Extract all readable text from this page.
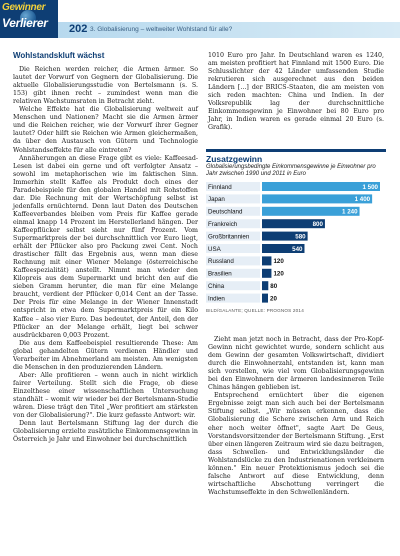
Gewinner
Verlierer 202 3. Globalisierung – weltweiter Wohlstand für alle?

Wohlstandskluft wächst

Die Reichen werden reicher, die Armen ärmer. So lautet der Vorwurf von Gegnern der Globalisierung. Die aktuelle Globalisierungsstudie von Bertelsmann (s. S. 153) gibt ihnen recht – zumindest wenn man die relativen Wachstumsraten in Betracht zieht.

Welche Effekte hat die Globalisierung weltweit auf Menschen und Nationen? Macht sie die Armen ärmer und die Reichen reicher, wie der Vorwurf ihrer Gegner lautet? Oder hilft sie Reichen wie Armen gleichermaßen, da über den Austausch von Gütern und Technologie Wohlstandseffekte für alle eintreten?

Annäherungen an diese Frage gibt es viele: Kaffeesad-Lesen ist dabei ein gerne und oft verfolgter Ansatz – sowohl im metaphorischen wie im faktischen Sinn. Immerhin stellt Kaffee als Produkt doch eines der Paradebeispiele für den globalen Handel mit Rohstoffen dar. Die Rechnung mit der Wertschöpfung selbst ist jedenfalls ernüchternd. Denn laut Daten des Deutschen Kaffeeverbandes bleiben vom Preis für Kaffee gerade einmal knapp 14 Prozent im Herstellerland hängen. Der Kaffeepflücker selbst sieht nur fünf Prozent. Vom Supermarktpreis der bei durchschnittlich vor Euro liegt, erhält der Pflücker also pro Packung zwei Cent. Noch drastischer fällt das Ergebnis aus, wenn man diese Rechnung mit einer Wiener Melange (österreichische Kaffeespezialität) anstellt. Nimmt man wieder den Kilopreis aus dem Supermarkt und bricht den auf die sieben Gramm herunter, die man für eine Melange braucht, verdient der Pflücker 0,014 Cent an der Tasse. Der Preis für eine Melange in der Wiener Innenstadt entspricht in etwa dem Supermarktpreis für ein Kilo Kaffee – also vier Euro. Das bedeutet, der Anteil, den der Pflücker an der Melange erhält, liegt bei schwer ausdrückbaren 0,003 Prozent.

Die aus dem Kaffeebeispiel resultierende These: Am global gehandelten Gütern verdienen Händler und Verarbeiter im Abnehmerland am meisten. Am wenigsten die Menschen in den produzierenden Ländern.

Aber: Alle profitieren – wenn auch in nicht wirklich fairer Verteilung. Stellt sich die Frage, ob diese Einzelthese einer wissenschaftlichen Untersuchung standhält – womit wir wieder bei der Bertelsmann-Studie wären. Diese trägt den Titel „Wer profitiert am stärksten von der Globalisierung?". Die kurz gefasste Antwort: wir.

Denn laut Bertelsmann Stiftung lag der durch die Globalisierung erzielte zusätzliche Einkommensgewinn in Österreich je Jahr und Einwohner bei durchschnittlich

1010 Euro pro Jahr. In Deutschland waren es 1240, am meisten profitiert hat Finnland mit 1500 Euro. Die Schlusslichter der 42 Länder umfassenden Studie rekrutieren sich ausgerechnet aus den beiden Ländern [...] der BRICS-Staaten, die am meisten von sich reden machten: China und Indien. In der Volksrepublik lag der durchschnittliche Einkommensgewinn je Einwohner bei 80 Euro pro Jahr, in Indien waren es gerade einmal 20 Euro (s. Grafik).

Zusatzgewinn
Globalisierungsbedingte Einkommensgewinne je Einwohner pro Jahr zwischen 1990 und 2011 in Euro
Finnland	1 500
Japan	1 400
Deutschland	1 240
Frankreich	800
Großbritannien	580
USA	540
Russland	120
Brasilien	120
China	80
Indien	20
BILD/GALANTE; QUELLE: PROGNOS 2014

Zieht man jetzt noch in Betracht, dass der Pro-Kopf-Gewinn nicht gewichtet wurde, sondern schlicht aus dem Gewinn der gesamten Volkswirtschaft, dividiert durch die Einwohnerzahl, entstanden ist, kann man sich vorstellen, wie viel vom Globalisierungsgewinn bei den Einwohnern der ärmeren landesinneren Teile Chinas hängen geblieben ist.

Entsprechend ernüchtert über die eigenen Ergebnisse zeigt man sich auch bei der Bertelsmann Stiftung selbst. „Wir müssen erkennen, dass die Globalisierung die Schere zwischen Arm und Reich eher noch weiter öffnet", sagte Aart De Geus, Vorstandsvorsitzender der Bertelsmann Stiftung. „Erst über einen längeren Zeitraum wird sie dazu beitragen, dass Schwellen- und Entwicklungsländer die Wohlstandslücke zu den Industrienationen verkleinern können." Ein neuer Protektionismus jedoch sei die falsche Antwort auf diese Entwicklung, denn wirtschaftliche Abschottung verringert die Wachstumseffekte in den Schwellenländern.
